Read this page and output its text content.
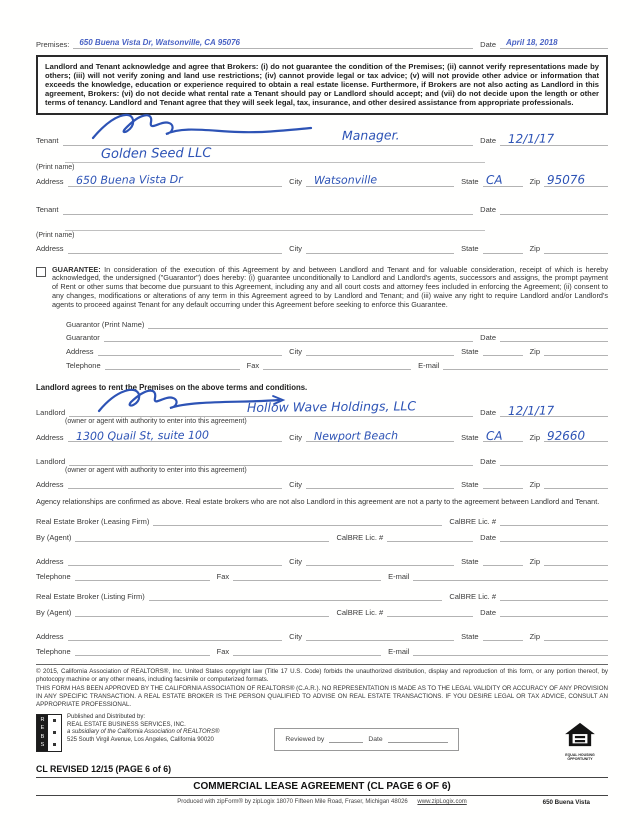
Premises:	650 Buena Vista Dr, Watsonville, CA 95076	Date	April 18, 2018
Landlord and Tenant acknowledge and agree that Brokers: (i) do not guarantee the condition of the Premises; (ii) cannot verify representations made by others; (iii) will not verify zoning and land use restrictions; (iv) cannot provide legal or tax advice; (v) will not provide other advice or information that exceeds the knowledge, education or experience required to obtain a real estate license. Furthermore, if Brokers are not also acting as Landlord in this agreement, Brokers: (vi) do not decide what rental rate a Tenant should pay or Landlord should accept; and (vii) do not decide upon the length or other terms of tenancy. Landlord and Tenant agree that they will seek legal, tax, insurance, and other desired assistance from appropriate professionals.
Tenant	Manager.	Date 12/1/17
Golden Seed LLC
(Print name)
Address	650 Buena Vista Dr	City	Watsonville	State CA	Zip 95076
Tenant	Date
(Print name)
Address	City	State	Zip
GUARANTEE: In consideration of the execution of this Agreement by and between Landlord and Tenant and for valuable consideration, receipt of which is hereby acknowledged, the undersigned ("Guarantor") does hereby: (i) guarantee unconditionally to Landlord and Landlord's agents, successors and assigns, the prompt payment of Rent or other sums that become due pursuant to this Agreement, including any and all court costs and attorney fees included in enforcing the Agreement; (ii) consent to any changes, modifications or alterations of any term in this Agreement agreed to by Landlord and Tenant; and (iii) waive any right to require Landlord and/or Landlord's agents to proceed against Tenant for any default occurring under this Agreement before seeking to enforce this Guarantee.
Guarantor (Print Name)
Guarantor	Date
Address	City	State	Zip
Telephone	Fax	E-mail
Landlord agrees to rent the Premises on the above terms and conditions.
Landlord	Hollow Wave Holdings, LLC	Date 12/1/17
(owner or agent with authority to enter into this agreement)
Address	1300 Quail St, suite 100	City	Newport Beach	State CA	Zip 92660
Landlord	Date
(owner or agent with authority to enter into this agreement)
Address	City	State	Zip
Agency relationships are confirmed as above. Real estate brokers who are not also Landlord in this agreement are not a party to the agreement between Landlord and Tenant.
Real Estate Broker (Leasing Firm)	CalBRE Lic. #
By (Agent)	CalBRE Lic. #	Date
Address	City	State	Zip
Telephone	Fax	E-mail
Real Estate Broker (Listing Firm)	CalBRE Lic. #
By (Agent)	CalBRE Lic. #	Date
Address	City	State	Zip
Telephone	Fax	E-mail
© 2015, California Association of REALTORS®, Inc. United States copyright law (Title 17 U.S. Code) forbids the unauthorized distribution, display and reproduction of this form, or any portion thereof, by photocopy machine or any other means, including facsimile or computerized formats.
THIS FORM HAS BEEN APPROVED BY THE CALIFORNIA ASSOCIATION OF REALTORS® (C.A.R.). NO REPRESENTATION IS MADE AS TO THE LEGAL VALIDITY OR ACCURACY OF ANY PROVISION IN ANY SPECIFIC TRANSACTION. A REAL ESTATE BROKER IS THE PERSON QUALIFIED TO ADVISE ON REAL ESTATE TRANSACTIONS. IF YOU DESIRE LEGAL OR TAX ADVICE, CONSULT AN APPROPRIATE PROFESSIONAL.
R
E
B
S
Published and Distributed by:
REAL ESTATE BUSINESS SERVICES, INC.
a subsidiary of the California Association of REALTORS®
525 South Virgil Avenue, Los Angeles, California 90020	Reviewed by	Date
EQUAL HOUSING
OPPORTUNITY
CL REVISED 12/15 (PAGE 6 of 6)
COMMERCIAL LEASE AGREEMENT (CL PAGE 6 OF 6)
Produced with zipForm® by zipLogix 18070 Fifteen Mile Road, Fraser, Michigan 48026 www.zipLogix.com	650 Buena Vista
